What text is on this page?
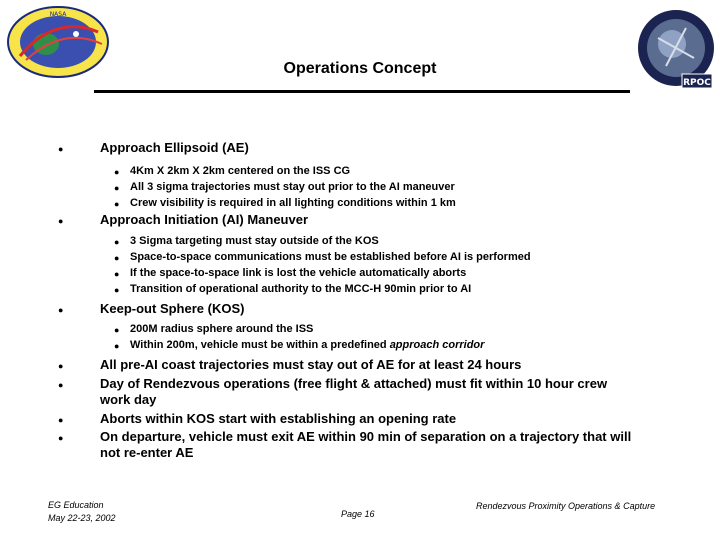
NASA
RPOC
Operations Concept
●	Approach Ellipsoid (AE)
● 4Km X 2km X 2km centered on the ISS CG
● All 3 sigma trajectories must stay out prior to the AI maneuver
● Crew visibility is required in all lighting conditions within 1 km
●	Approach Initiation (AI) Maneuver
● 3 Sigma targeting must stay outside of the KOS
● Space-to-space communications must be established before AI is performed
● If the space-to-space link is lost the vehicle automatically aborts
● Transition of operational authority to the MCC-H 90min prior to AI
●	Keep-out Sphere (KOS)
● 200M radius sphere around the ISS
● Within 200m, vehicle must be within a predefined approach corridor
●	All pre-AI coast trajectories must stay out of AE for at least 24 hours
●	Day of Rendezvous operations (free flight & attached) must fit within 10 hour crew
work day
●	Aborts within KOS start with establishing an opening rate
●	On departure, vehicle must exit AE within 90 min of separation on a trajectory that will
not re-enter AE
EG Education
May 22-23, 2002	Page 16
Rendezvous Proximity Operations & Capture
